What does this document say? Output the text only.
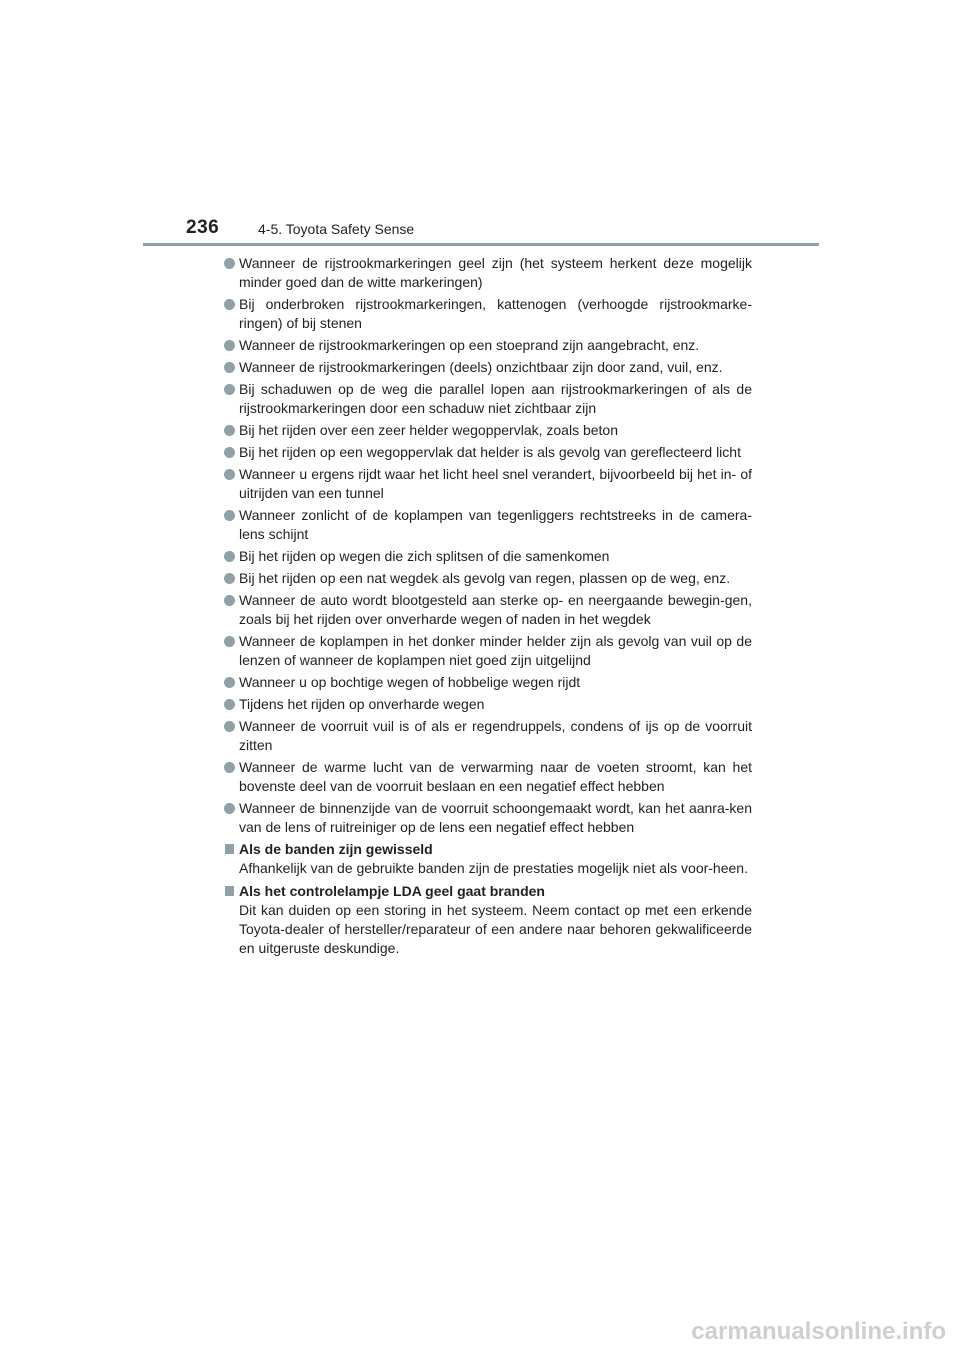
236	4-5. Toyota Safety Sense
Wanneer de rijstrookmarkeringen geel zijn (het systeem herkent deze mogelijk minder goed dan de witte markeringen)
Bij onderbroken rijstrookmarkeringen, kattenogen (verhoogde rijstrookmarke-ringen) of bij stenen
Wanneer de rijstrookmarkeringen op een stoeprand zijn aangebracht, enz.
Wanneer de rijstrookmarkeringen (deels) onzichtbaar zijn door zand, vuil, enz.
Bij schaduwen op de weg die parallel lopen aan rijstrookmarkeringen of als de rijstrookmarkeringen door een schaduw niet zichtbaar zijn
Bij het rijden over een zeer helder wegoppervlak, zoals beton
Bij het rijden op een wegoppervlak dat helder is als gevolg van gereflecteerd licht
Wanneer u ergens rijdt waar het licht heel snel verandert, bijvoorbeeld bij het in- of uitrijden van een tunnel
Wanneer zonlicht of de koplampen van tegenliggers rechtstreeks in de camera-lens schijnt
Bij het rijden op wegen die zich splitsen of die samenkomen
Bij het rijden op een nat wegdek als gevolg van regen, plassen op de weg, enz.
Wanneer de auto wordt blootgesteld aan sterke op- en neergaande bewegin-gen, zoals bij het rijden over onverharde wegen of naden in het wegdek
Wanneer de koplampen in het donker minder helder zijn als gevolg van vuil op de lenzen of wanneer de koplampen niet goed zijn uitgelijnd
Wanneer u op bochtige wegen of hobbelige wegen rijdt
Tijdens het rijden op onverharde wegen
Wanneer de voorruit vuil is of als er regendruppels, condens of ijs op de voorruit zitten
Wanneer de warme lucht van de verwarming naar de voeten stroomt, kan het bovenste deel van de voorruit beslaan en een negatief effect hebben
Wanneer de binnenzijde van de voorruit schoongemaakt wordt, kan het aanra-ken van de lens of ruitreiniger op de lens een negatief effect hebben
Als de banden zijn gewisseld
Afhankelijk van de gebruikte banden zijn de prestaties mogelijk niet als voor-heen.
Als het controlelampje LDA geel gaat branden
Dit kan duiden op een storing in het systeem. Neem contact op met een erkende Toyota-dealer of hersteller/reparateur of een andere naar behoren gekwalificeerde en uitgeruste deskundige.
carmanualsonline.info
